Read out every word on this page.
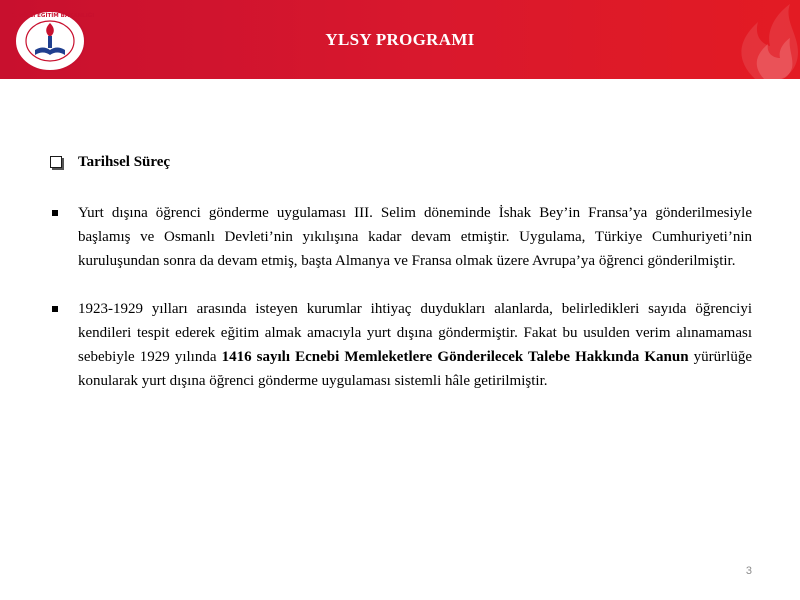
YLSY PROGRAMI
T.C. MİLLÎ EĞİTİM BAKANLIĞI
Tarihsel Süreç
Yurt dışına öğrenci gönderme uygulaması III. Selim döneminde İshak Bey’in Fransa’ya gönderilmesiyle başlamış ve Osmanlı Devleti’nin yıkılışına kadar devam etmiştir. Uygulama, Türkiye Cumhuriyeti’nin kuruluşundan sonra da devam etmiş, başta Almanya ve Fransa olmak üzere Avrupa’ya öğrenci gönderilmiştir.
1923-1929 yılları arasında isteyen kurumlar ihtiyaç duydukları alanlarda, belirledikleri sayıda öğrenciyi kendileri tespit ederek eğitim almak amacıyla yurt dışına göndermiştir. Fakat bu usulden verim alınamaması sebebiyle 1929 yılında 1416 sayılı Ecnebi Memleketlere Gönderilecek Talebe Hakkında Kanun yürürlüğe konularak yurt dışına öğrenci gönderme uygulaması sistemli hâle getirilmiştir.
3
